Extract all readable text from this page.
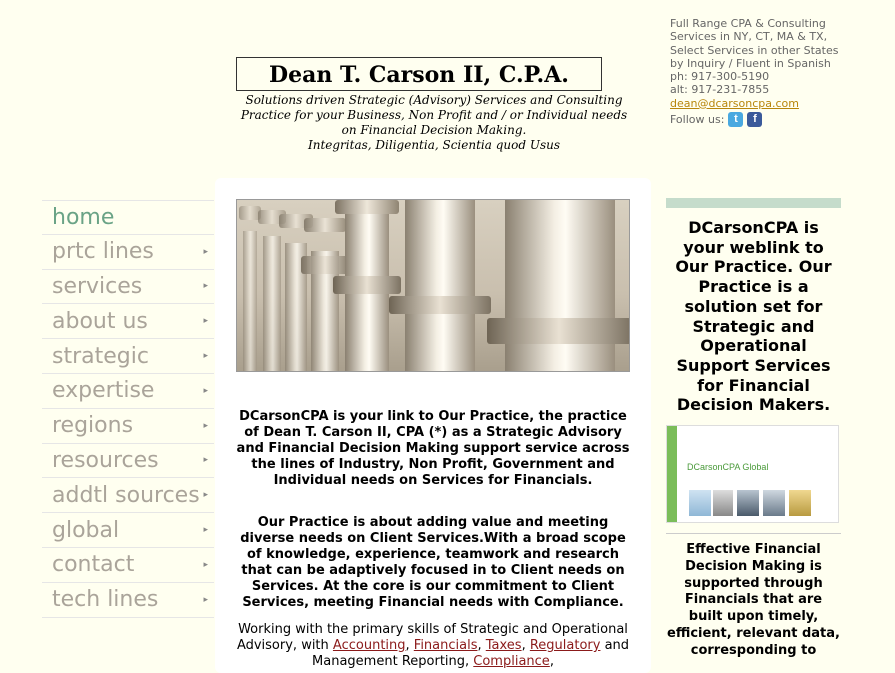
Dean T. Carson II, C.P.A.
Solutions driven Strategic (Advisory) Services and Consulting
Practice for your Business, Non Profit and / or Individual needs
on Financial Decision Making.
Integritas, Diligentia, Scientia quod Usus
Full Range CPA & Consulting
Services in NY, CT, MA & TX,
Select Services in other States
by Inquiry / Fluent in Spanish
ph: 917-300-5190
alt: 917-231-7855
dean@dcarsoncpa.com
Follow us: t	f
home
prtc lines	▸
services	▸
about us	▸
strategic	▸
expertise	▸
regions	▸
resources	▸
addtl sources ▸
global	▸
contact	▸
tech lines	▸
DCarsonCPA is your link to Our Practice, the practice of Dean T. Carson II, CPA (*) as a Strategic Advisory and Financial Decision Making support service across the lines of Industry, Non Profit, Government and Individual needs on Services for Financials.
Our Practice is about adding value and meeting diverse needs on Client Services.With a broad scope of knowledge, experience, teamwork and research that can be adaptively focused in to Client needs on Services. At the core is our commitment to Client Services, meeting Financial needs with Compliance.
Working with the primary skills of Strategic and Operational Advisory, with Accounting, Financials, Taxes, Regulatory and Management Reporting, Compliance,
DCarsonCPA is your weblink to Our Practice. Our Practice is a solution set for Strategic and Operational Support Services for Financial Decision Makers.
DCarsonCPA Global
Effective Financial Decision Making is supported through Financials that are built upon timely, efficient, relevant data, corresponding to
